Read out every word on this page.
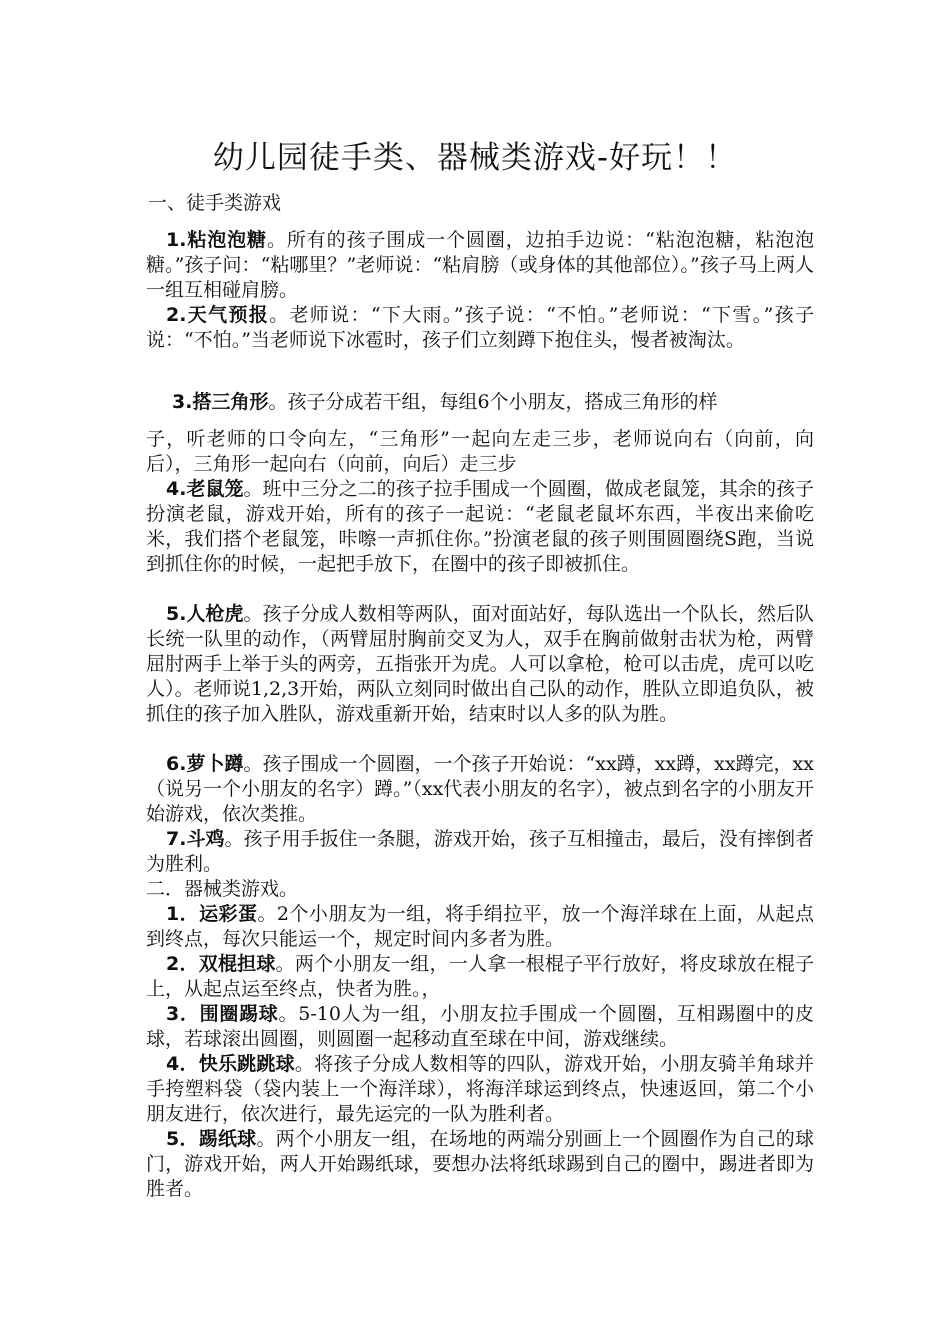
幼儿园徒手类、器械类游戏-好玩！！
一、徒手类游戏
1.粘泡泡糖。所有的孩子围成一个圆圈，边拍手边说：“粘泡泡糖，粘泡泡糖。”孩子问：“粘哪里？”老师说：“粘肩膀（或身体的其他部位）。”孩子马上两人一组互相碰肩膀。
2.天气预报。老师说：“下大雨。”孩子说：“不怕。”老师说：“下雪。”孩子说：“不怕。”当老师说下冰雹时，孩子们立刻蹲下抱住头，慢者被淘汰。
3.搭三角形。孩子分成若干组，每组6个小朋友，搭成三角形的样
子，听老师的口令向左，“三角形”一起向左走三步，老师说向右（向前，向后），三角形一起向右（向前，向后）走三步
4.老鼠笼。班中三分之二的孩子拉手围成一个圆圈，做成老鼠笼，其余的孩子扮演老鼠，游戏开始，所有的孩子一起说：“老鼠老鼠坏东西，半夜出来偷吃米，我们搭个老鼠笼，咔嚓一声抓住你。”扮演老鼠的孩子则围圆圈绕S跑，当说到抓住你的时候，一起把手放下，在圈中的孩子即被抓住。
5.人枪虎。孩子分成人数相等两队，面对面站好，每队选出一个队长，然后队长统一队里的动作，（两臂屈肘胸前交叉为人，双手在胸前做射击状为枪，两臂屈肘两手上举于头的两旁，五指张开为虎。人可以拿枪，枪可以击虎，虎可以吃人）。老师说1,2,3开始，两队立刻同时做出自己队的动作，胜队立即追负队，被抓住的孩子加入胜队，游戏重新开始，结束时以人多的队为胜。
6.萝卜蹲。孩子围成一个圆圈，一个孩子开始说：“xx蹲，xx蹲，xx蹲完，xx（说另一个小朋友的名字）蹲。”（xx代表小朋友的名字），被点到名字的小朋友开始游戏，依次类推。
7.斗鸡。孩子用手扳住一条腿，游戏开始，孩子互相撞击，最后，没有摔倒者为胜利。
二．器械类游戏。
1．运彩蛋。2个小朋友为一组，将手绢拉平，放一个海洋球在上面，从起点到终点，每次只能运一个，规定时间内多者为胜。
2．双棍担球。两个小朋友一组，一人拿一根棍子平行放好，将皮球放在棍子上，从起点运至终点，快者为胜。，
3．围圈踢球。5-10人为一组，小朋友拉手围成一个圆圈，互相踢圈中的皮球，若球滚出圆圈，则圆圈一起移动直至球在中间，游戏继续。
4．快乐跳跳球。将孩子分成人数相等的四队，游戏开始，小朋友骑羊角球并手挎塑料袋（袋内装上一个海洋球），将海洋球运到终点，快速返回，第二个小朋友进行，依次进行，最先运完的一队为胜利者。
5．踢纸球。两个小朋友一组，在场地的两端分别画上一个圆圈作为自己的球门，游戏开始，两人开始踢纸球，要想办法将纸球踢到自己的圈中，踢进者即为胜者。
